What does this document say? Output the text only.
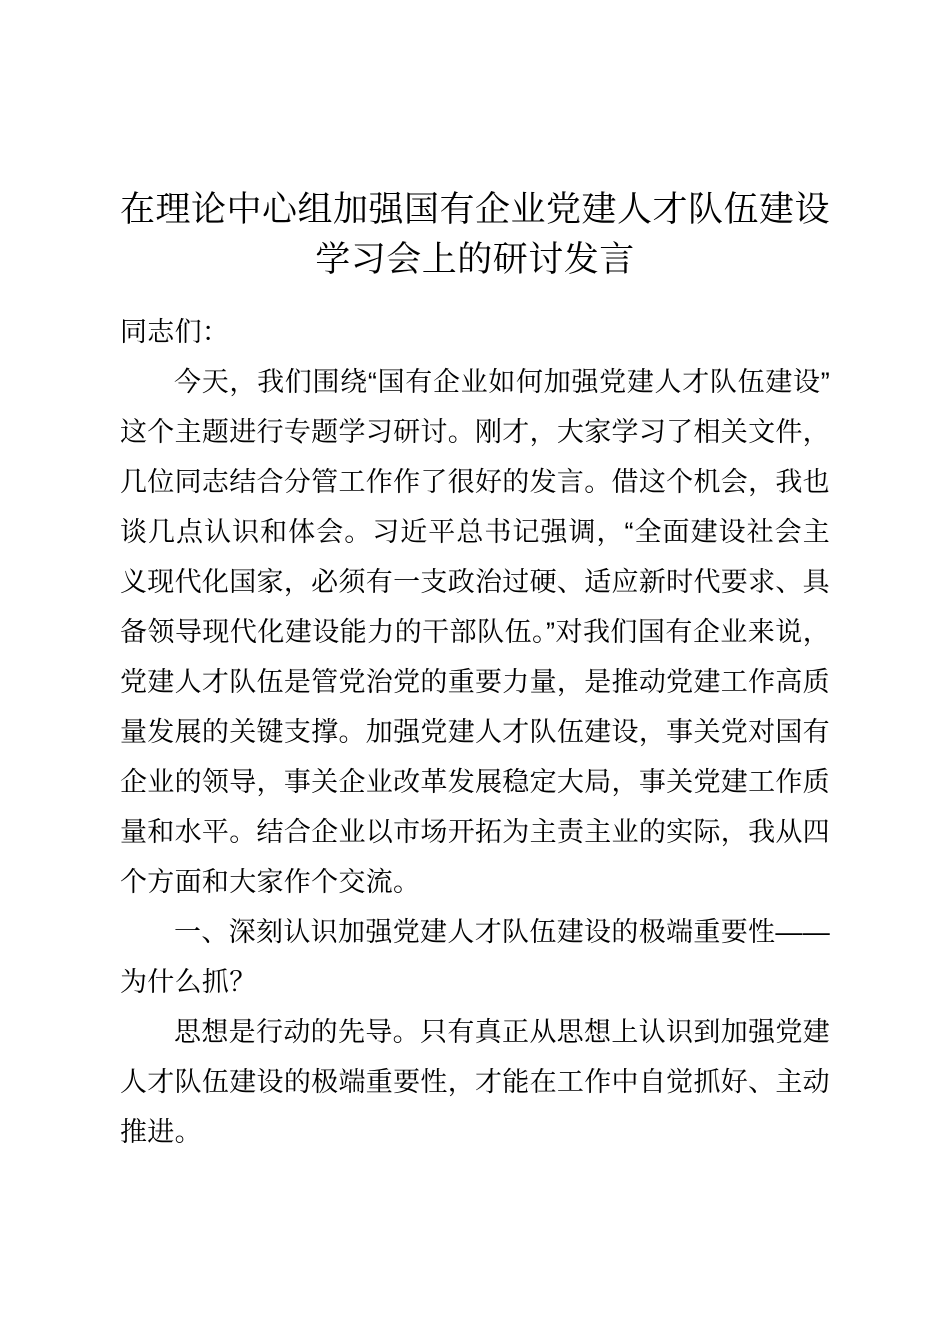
在理论中心组加强国有企业党建人才队伍建设学习会上的研讨发言

同志们：

今天，我们围绕“国有企业如何加强党建人才队伍建设”这个主题进行专题学习研讨。刚才，大家学习了相关文件，几位同志结合分管工作作了很好的发言。借这个机会，我也谈几点认识和体会。习近平总书记强调，“全面建设社会主义现代化国家，必须有一支政治过硬、适应新时代要求、具备领导现代化建设能力的干部队伍。”对我们国有企业来说，党建人才队伍是管党治党的重要力量，是推动党建工作高质量发展的关键支撑。加强党建人才队伍建设，事关党对国有企业的领导，事关企业改革发展稳定大局，事关党建工作质量和水平。结合企业以市场开拓为主责主业的实际，我从四个方面和大家作个交流。

一、深刻认识加强党建人才队伍建设的极端重要性——为什么抓？

思想是行动的先导。只有真正从思想上认识到加强党建人才队伍建设的极端重要性，才能在工作中自觉抓好、主动推进。
